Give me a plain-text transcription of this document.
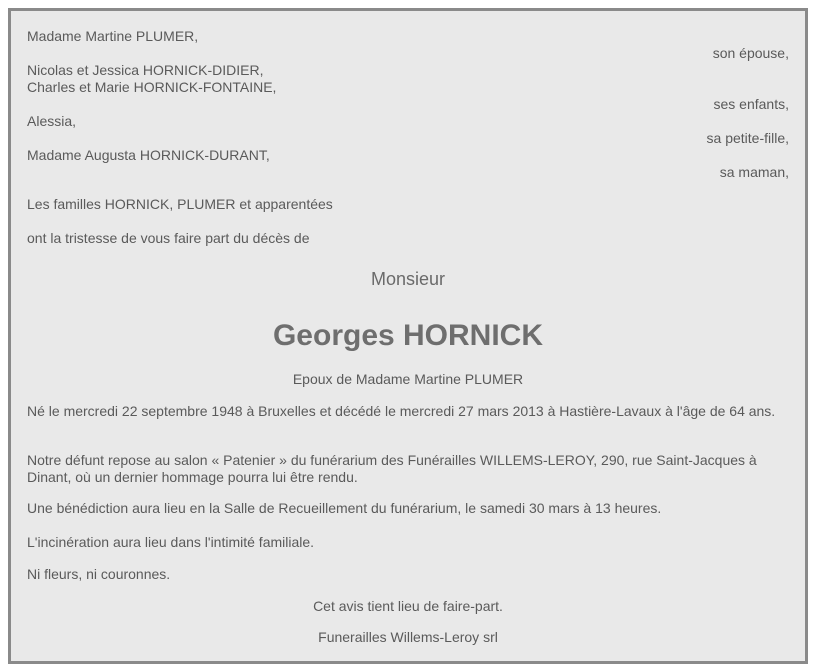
Madame Martine PLUMER,
son épouse,
Nicolas et Jessica HORNICK-DIDIER,
Charles et Marie HORNICK-FONTAINE,
ses enfants,
Alessia,
sa petite-fille,
Madame Augusta HORNICK-DURANT,
sa maman,
Les familles HORNICK, PLUMER et apparentées
ont la tristesse de vous faire part du décès de
Monsieur
Georges HORNICK
Epoux de Madame Martine PLUMER
Né le mercredi 22 septembre 1948 à Bruxelles et décédé le mercredi 27 mars 2013 à Hastière-Lavaux à l'âge de 64 ans.
Notre défunt repose au salon « Patenier » du funérarium des Funérailles WILLEMS-LEROY, 290, rue Saint-Jacques à Dinant, où un dernier hommage pourra lui être rendu.
Une bénédiction aura lieu en la Salle de Recueillement du funérarium, le samedi 30 mars à 13 heures.
L'incinération aura lieu dans l'intimité familiale.
Ni fleurs, ni couronnes.
Cet avis tient lieu de faire-part.
Funerailles Willems-Leroy srl
